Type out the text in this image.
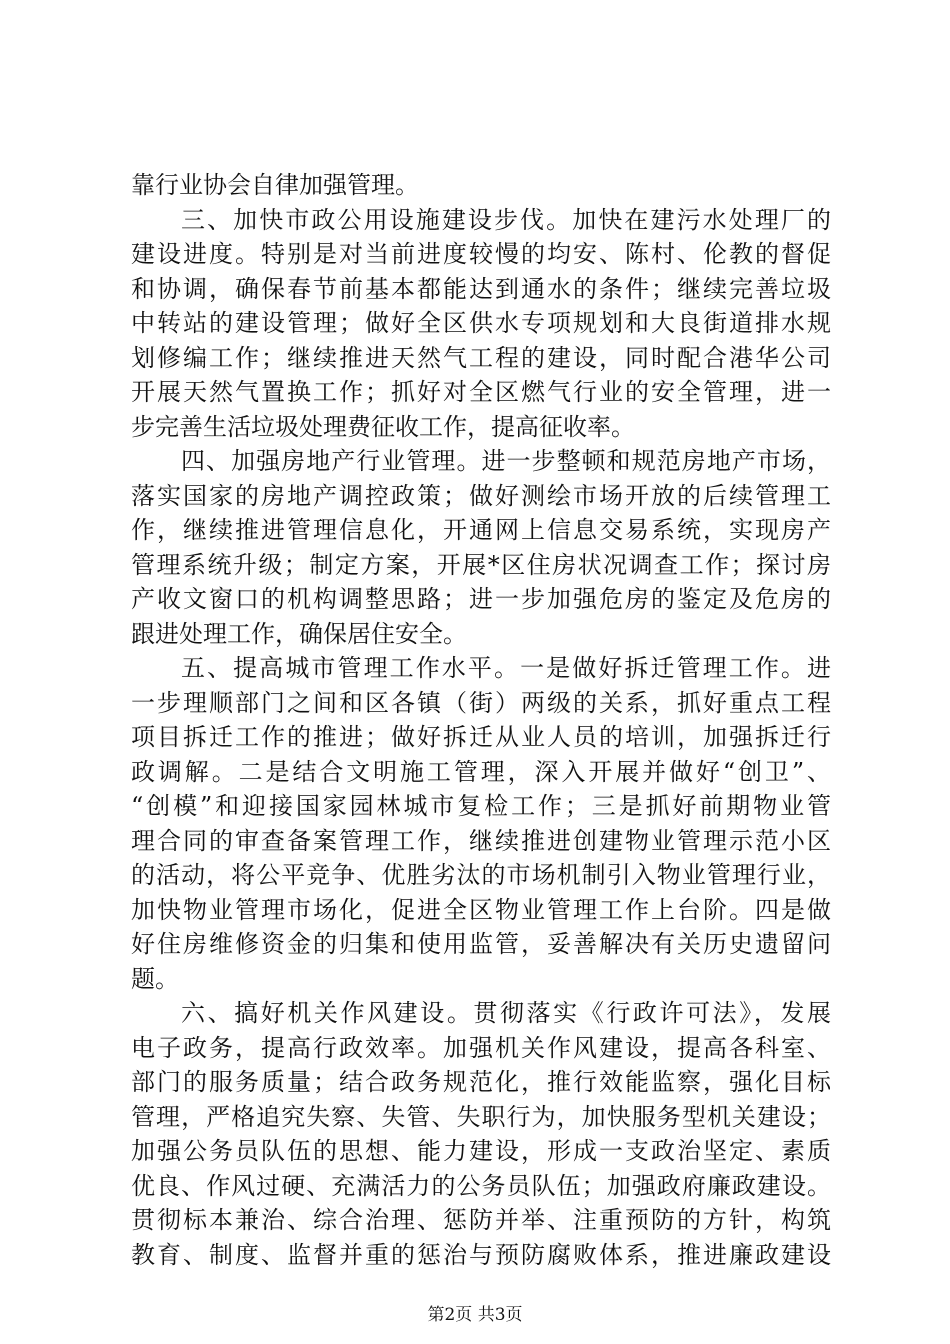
靠行业协会自律加强管理。
三、加快市政公用设施建设步伐。加快在建污水处理厂的
建设进度。特别是对当前进度较慢的均安、陈村、伦教的督促
和协调，确保春节前基本都能达到通水的条件；继续完善垃圾
中转站的建设管理；做好全区供水专项规划和大良街道排水规
划修编工作；继续推进天然气工程的建设，同时配合港华公司
开展天然气置换工作；抓好对全区燃气行业的安全管理，进一
步完善生活垃圾处理费征收工作，提高征收率。
四、加强房地产行业管理。进一步整顿和规范房地产市场，
落实国家的房地产调控政策；做好测绘市场开放的后续管理工
作，继续推进管理信息化，开通网上信息交易系统，实现房产
管理系统升级；制定方案，开展*区住房状况调查工作；探讨房
产收文窗口的机构调整思路；进一步加强危房的鉴定及危房的
跟进处理工作，确保居住安全。
五、提高城市管理工作水平。一是做好拆迁管理工作。进
一步理顺部门之间和区各镇（街）两级的关系，抓好重点工程
项目拆迁工作的推进；做好拆迁从业人员的培训，加强拆迁行
政调解。二是结合文明施工管理，深入开展并做好“创卫”、
“创模”和迎接国家园林城市复检工作；三是抓好前期物业管
理合同的审查备案管理工作，继续推进创建物业管理示范小区
的活动，将公平竞争、优胜劣汰的市场机制引入物业管理行业，
加快物业管理市场化，促进全区物业管理工作上台阶。四是做
好住房维修资金的归集和使用监管，妥善解决有关历史遗留问
题。
六、搞好机关作风建设。贯彻落实《行政许可法》，发展
电子政务，提高行政效率。加强机关作风建设，提高各科室、
部门的服务质量；结合政务规范化，推行效能监察，强化目标
管理，严格追究失察、失管、失职行为，加快服务型机关建设；
加强公务员队伍的思想、能力建设，形成一支政治坚定、素质
优良、作风过硬、充满活力的公务员队伍；加强政府廉政建设。
贯彻标本兼治、综合治理、惩防并举、注重预防的方针，构筑
教育、制度、监督并重的惩治与预防腐败体系，推进廉政建设
第2页 共3页
